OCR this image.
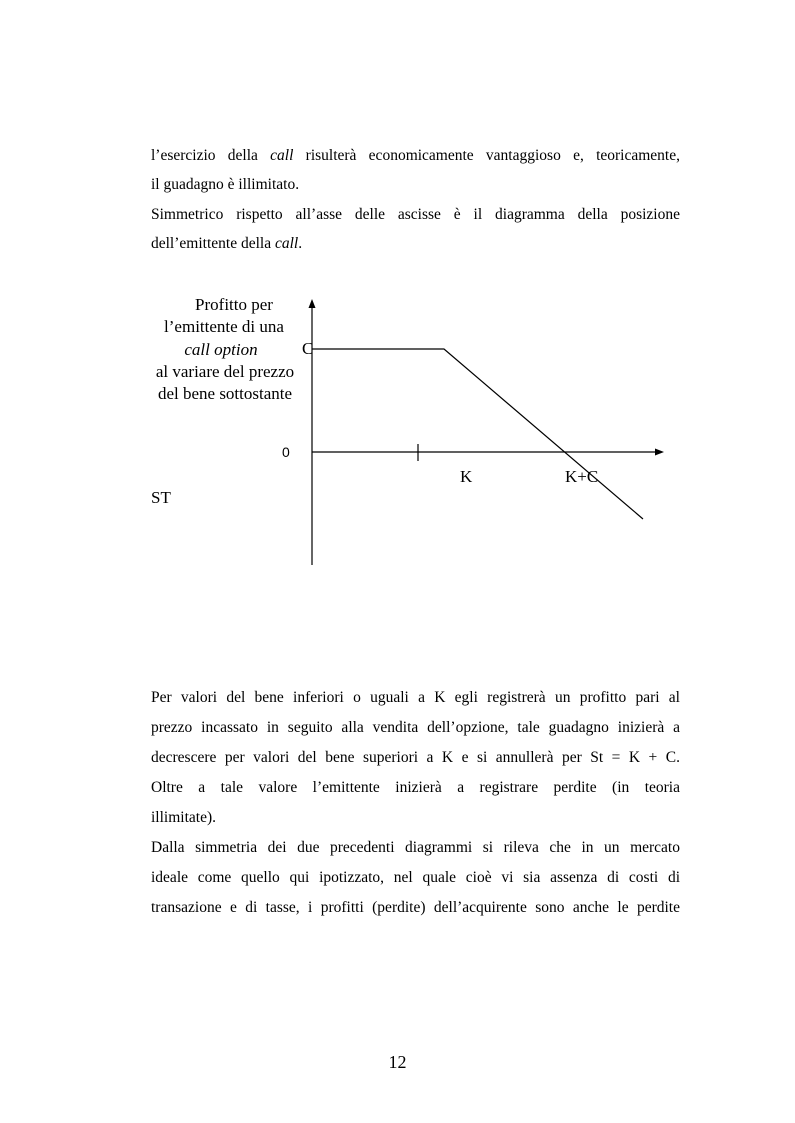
l’esercizio della call risulterà economicamente vantaggioso e, teoricamente,
il guadagno è illimitato.
Simmetrico rispetto all’asse delle ascisse è il diagramma della posizione
dell’emittente della call.
Profitto per
l’emittente di una
call option
al variare del prezzo
del bene sottostante
C
0
K	K+C
ST
Per valori del bene inferiori o uguali a K egli registrerà un profitto pari al
prezzo incassato in seguito alla vendita dell’opzione, tale guadagno inizierà a
decrescere per valori del bene superiori a K e si annullerà per St = K + C.
Oltre a tale valore l’emittente inizierà a registrare perdite (in teoria
illimitate).
Dalla simmetria dei due precedenti diagrammi si rileva che in un mercato
ideale come quello qui ipotizzato, nel quale cioè vi sia assenza di costi di
transazione e di tasse, i profitti (perdite) dell’acquirente sono anche le perdite
12
